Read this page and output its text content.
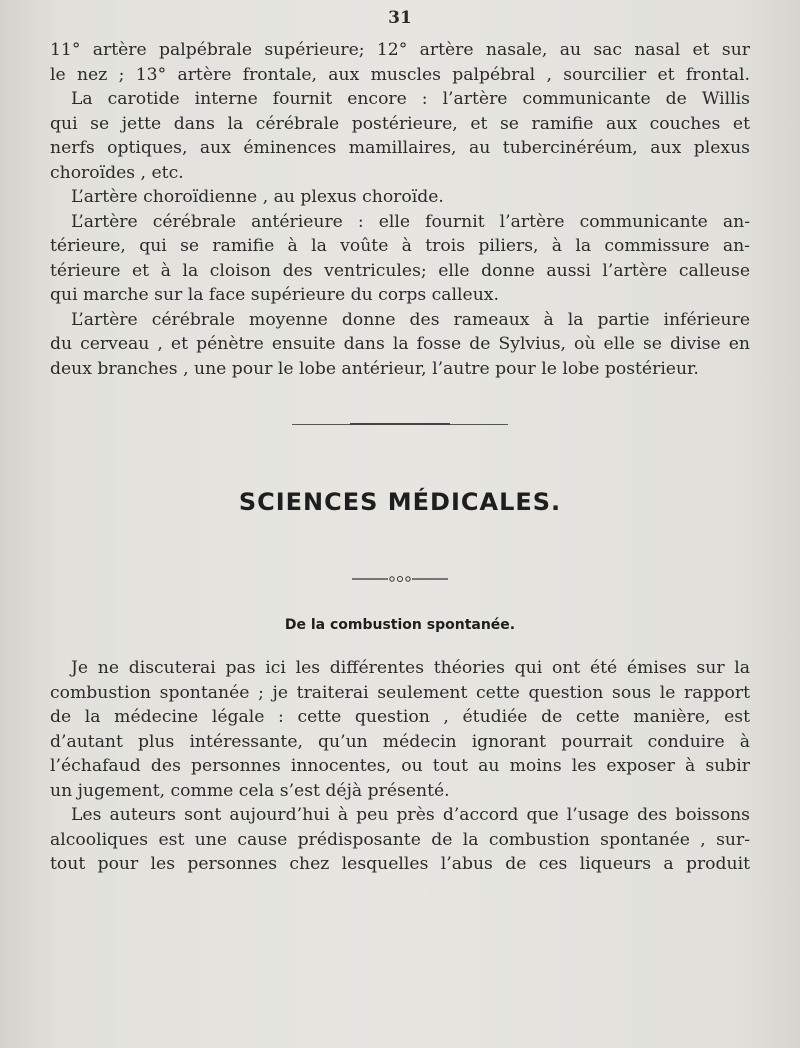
31
11° artère palpébrale supérieure; 12° artère nasale, au sac nasal et sur
le nez ; 13° artère frontale, aux muscles palpébral , sourcilier et frontal.
La carotide interne fournit encore : l’artère communicante de Willis
qui se jette dans la cérébrale postérieure, et se ramifie aux couches et
nerfs optiques, aux éminences mamillaires, au tubercinéréum, aux plexus
choroïdes , etc.
L’artère choroïdienne , au plexus choroïde.
L’artère cérébrale antérieure : elle fournit l’artère communicante an-
térieure, qui se ramifie à la voûte à trois piliers, à la commissure an-
térieure et à la cloison des ventricules; elle donne aussi l’artère calleuse
qui marche sur la face supérieure du corps calleux.
L’artère cérébrale moyenne donne des rameaux à la partie inférieure
du cerveau , et pénètre ensuite dans la fosse de Sylvius, où elle se divise en
deux branches , une pour le lobe antérieur, l’autre pour le lobe postérieur.
SCIENCES MÉDICALES.
De la combustion spontanée.
Je ne discuterai pas ici les différentes théories qui ont été émises sur la
combustion spontanée ; je traiterai seulement cette question sous le rapport
de la médecine légale : cette question , étudiée de cette manière, est
d’autant plus intéressante, qu’un médecin ignorant pourrait conduire à
l’échafaud des personnes innocentes, ou tout au moins les exposer à subir
un jugement, comme cela s’est déjà présenté.
Les auteurs sont aujourd’hui à peu près d’accord que l’usage des boissons
alcooliques est une cause prédisposante de la combustion spontanée , sur-
tout pour les personnes chez lesquelles l’abus de ces liqueurs a produit
